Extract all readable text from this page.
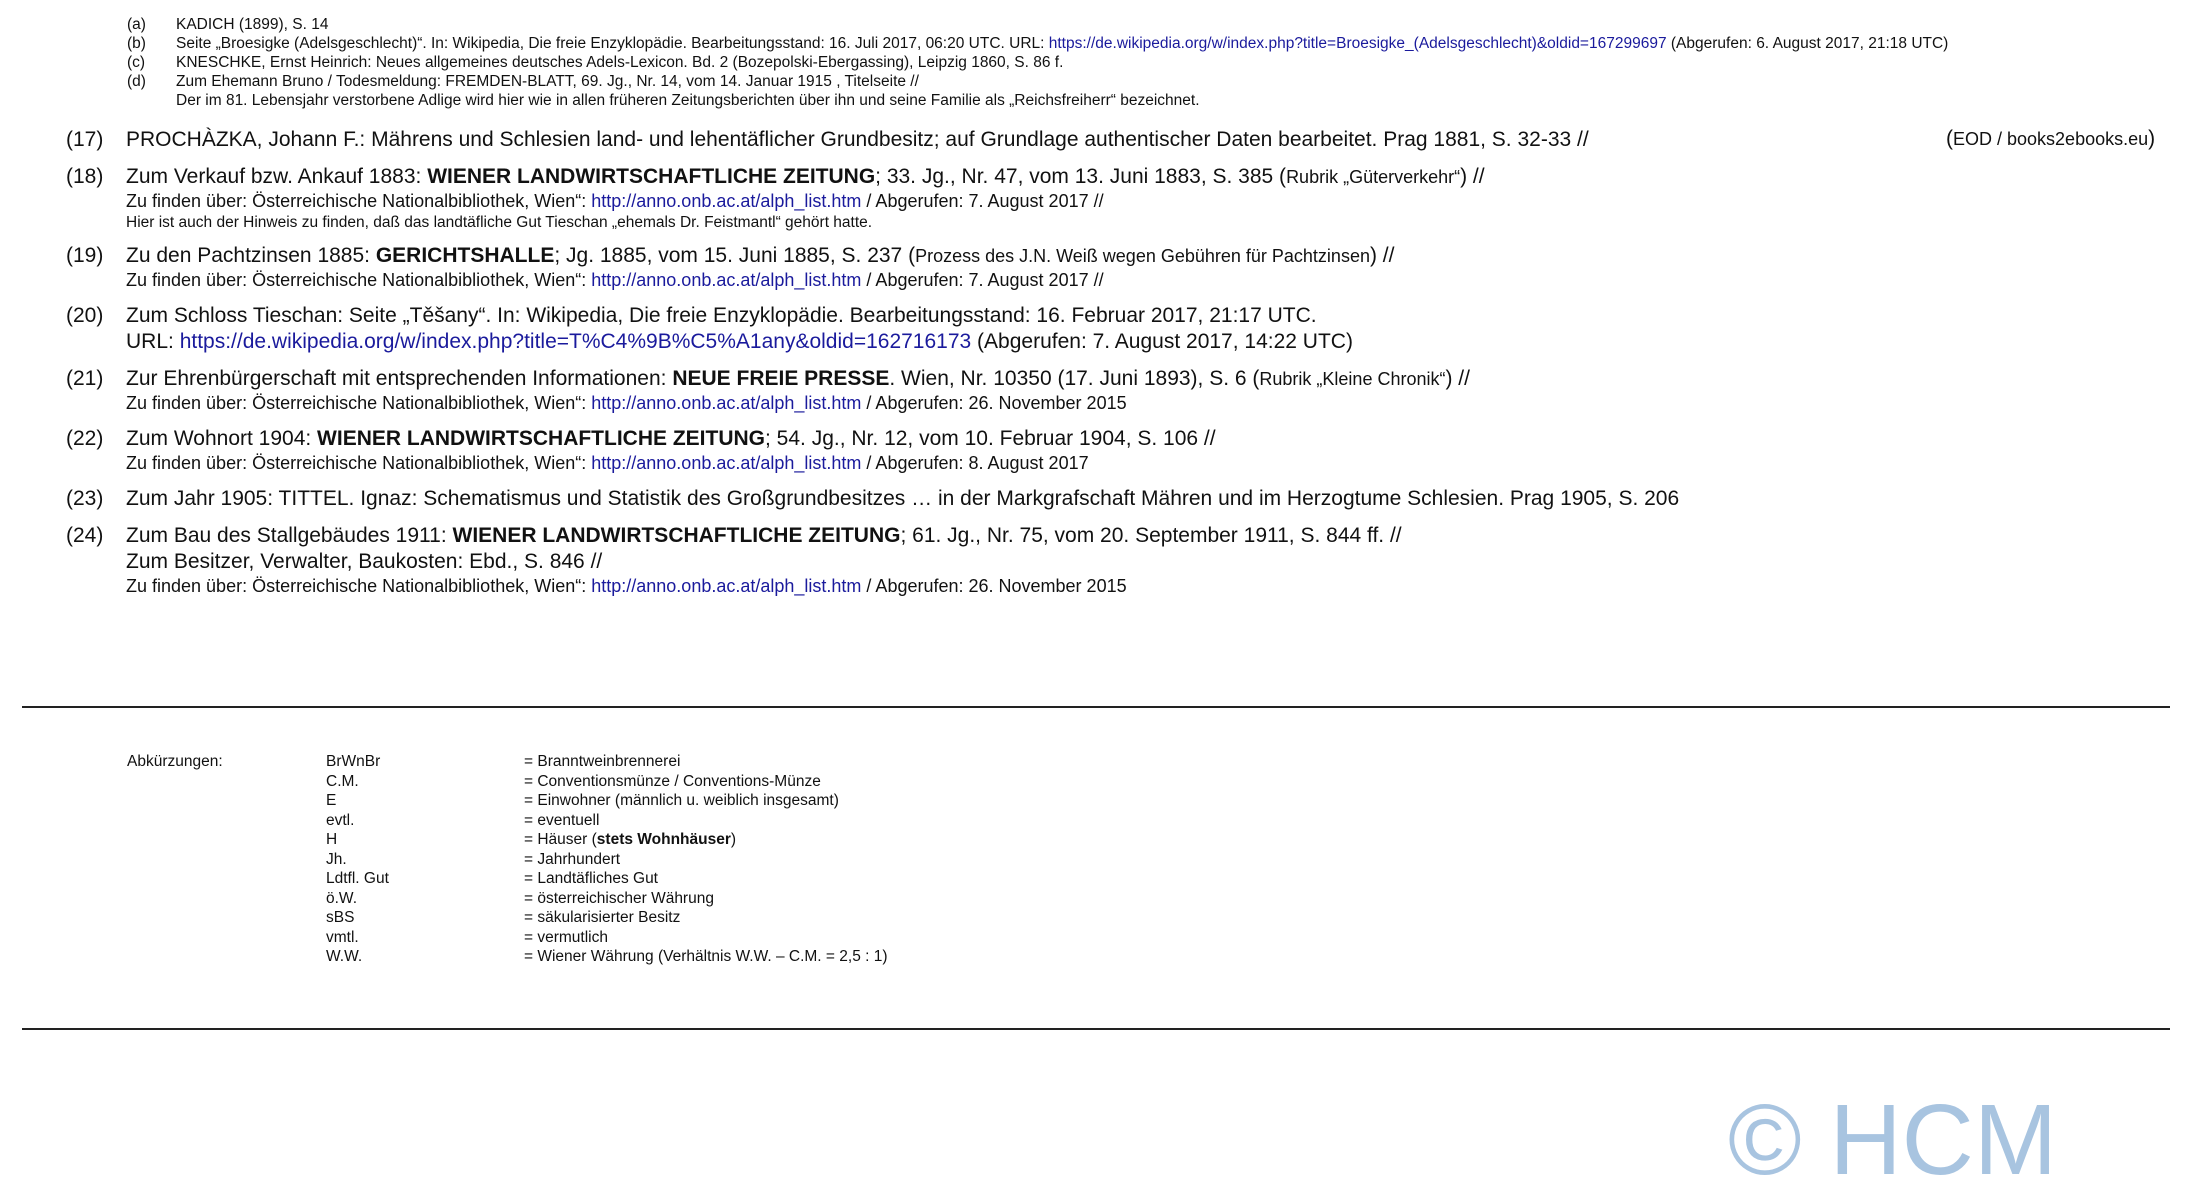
(a)	KADICH (1899), S. 14
(b)	Seite „Broesigke (Adelsgeschlecht)“. In: Wikipedia, Die freie Enzyklopädie. Bearbeitungsstand: 16. Juli 2017, 06:20 UTC. URL: https://de.wikipedia.org/w/index.php?title=Broesigke_(Adelsgeschlecht)&oldid=167299697 (Abgerufen: 6. August 2017, 21:18 UTC)
(c)	KNESCHKE, Ernst Heinrich: Neues allgemeines deutsches Adels-Lexicon. Bd. 2 (Bozepolski-Ebergassing), Leipzig 1860, S. 86 f.
(d)	Zum Ehemann Bruno / Todesmeldung: FREMDEN-BLATT, 69. Jg., Nr. 14, vom 14. Januar 1915 , Titelseite //
Der im 81. Lebensjahr verstorbene Adlige wird hier wie in allen früheren Zeitungsberichten über ihn und seine Familie als „Reichsfreiherr“ bezeichnet.
(17)	PROCHÀZKA, Johann F.: Mährens und Schlesien land- und lehentäflicher Grundbesitz; auf Grundlage authentischer Daten bearbeitet. Prag 1881, S. 32-33 //	(EOD / books2ebooks.eu)
(18)	Zum Verkauf bzw. Ankauf 1883: WIENER LANDWIRTSCHAFTLICHE ZEITUNG; 33. Jg., Nr. 47, vom 13. Juni 1883, S. 385 (Rubrik „Güterverkehr“) //
Zu finden über: Österreichische Nationalbibliothek, Wien“: http://anno.onb.ac.at/alph_list.htm / Abgerufen: 7. August 2017 //
Hier ist auch der Hinweis zu finden, daß das landtäfliche Gut Tieschan „ehemals Dr. Feistmantl“ gehört hatte.
(19)	Zu den Pachtzinsen 1885: GERICHTSHALLE; Jg. 1885, vom 15. Juni 1885, S. 237 (Prozess des J.N. Weiß wegen Gebühren für Pachtzinsen) //
Zu finden über: Österreichische Nationalbibliothek, Wien“: http://anno.onb.ac.at/alph_list.htm / Abgerufen: 7. August 2017 //
(20)	Zum Schloss Tieschan: Seite „Těšany“. In: Wikipedia, Die freie Enzyklopädie. Bearbeitungsstand: 16. Februar 2017, 21:17 UTC.
URL: https://de.wikipedia.org/w/index.php?title=T%C4%9B%C5%A1any&oldid=162716173 (Abgerufen: 7. August 2017, 14:22 UTC)
(21)	Zur Ehrenbürgerschaft mit entsprechenden Informationen: NEUE FREIE PRESSE. Wien, Nr. 10350 (17. Juni 1893), S. 6 (Rubrik „Kleine Chronik“) //
Zu finden über: Österreichische Nationalbibliothek, Wien“: http://anno.onb.ac.at/alph_list.htm / Abgerufen: 26. November 2015
(22)	Zum Wohnort 1904: WIENER LANDWIRTSCHAFTLICHE ZEITUNG; 54. Jg., Nr. 12, vom 10. Februar 1904, S. 106 //
Zu finden über: Österreichische Nationalbibliothek, Wien“: http://anno.onb.ac.at/alph_list.htm / Abgerufen: 8. August 2017
(23)	Zum Jahr 1905: TITTEL. Ignaz: Schematismus und Statistik des Großgrundbesitzes … in der Markgrafschaft Mähren und im Herzogtume Schlesien. Prag 1905, S. 206
(24)	Zum Bau des Stallgebäudes 1911: WIENER LANDWIRTSCHAFTLICHE ZEITUNG; 61. Jg., Nr. 75, vom 20. September 1911, S. 844 ff. //
Zum Besitzer, Verwalter, Baukosten: Ebd., S. 846 //
Zu finden über: Österreichische Nationalbibliothek, Wien“: http://anno.onb.ac.at/alph_list.htm / Abgerufen: 26. November 2015
Abkürzungen:	BrWnBr	= Branntweinbrennerei
C.M.	= Conventionsmünze / Conventions-Münze
E	= Einwohner (männlich u. weiblich insgesamt)
evtl.	= eventuell
H	= Häuser (stets Wohnhäuser)
Jh.	= Jahrhundert
Ldtfl. Gut	= Landtäfliches Gut
ö.W.	= österreichischer Währung
sBS	= säkularisierter Besitz
vmtl.	= vermutlich
W.W.	= Wiener Währung (Verhältnis W.W. – C.M. = 2,5 : 1)
© HCM
